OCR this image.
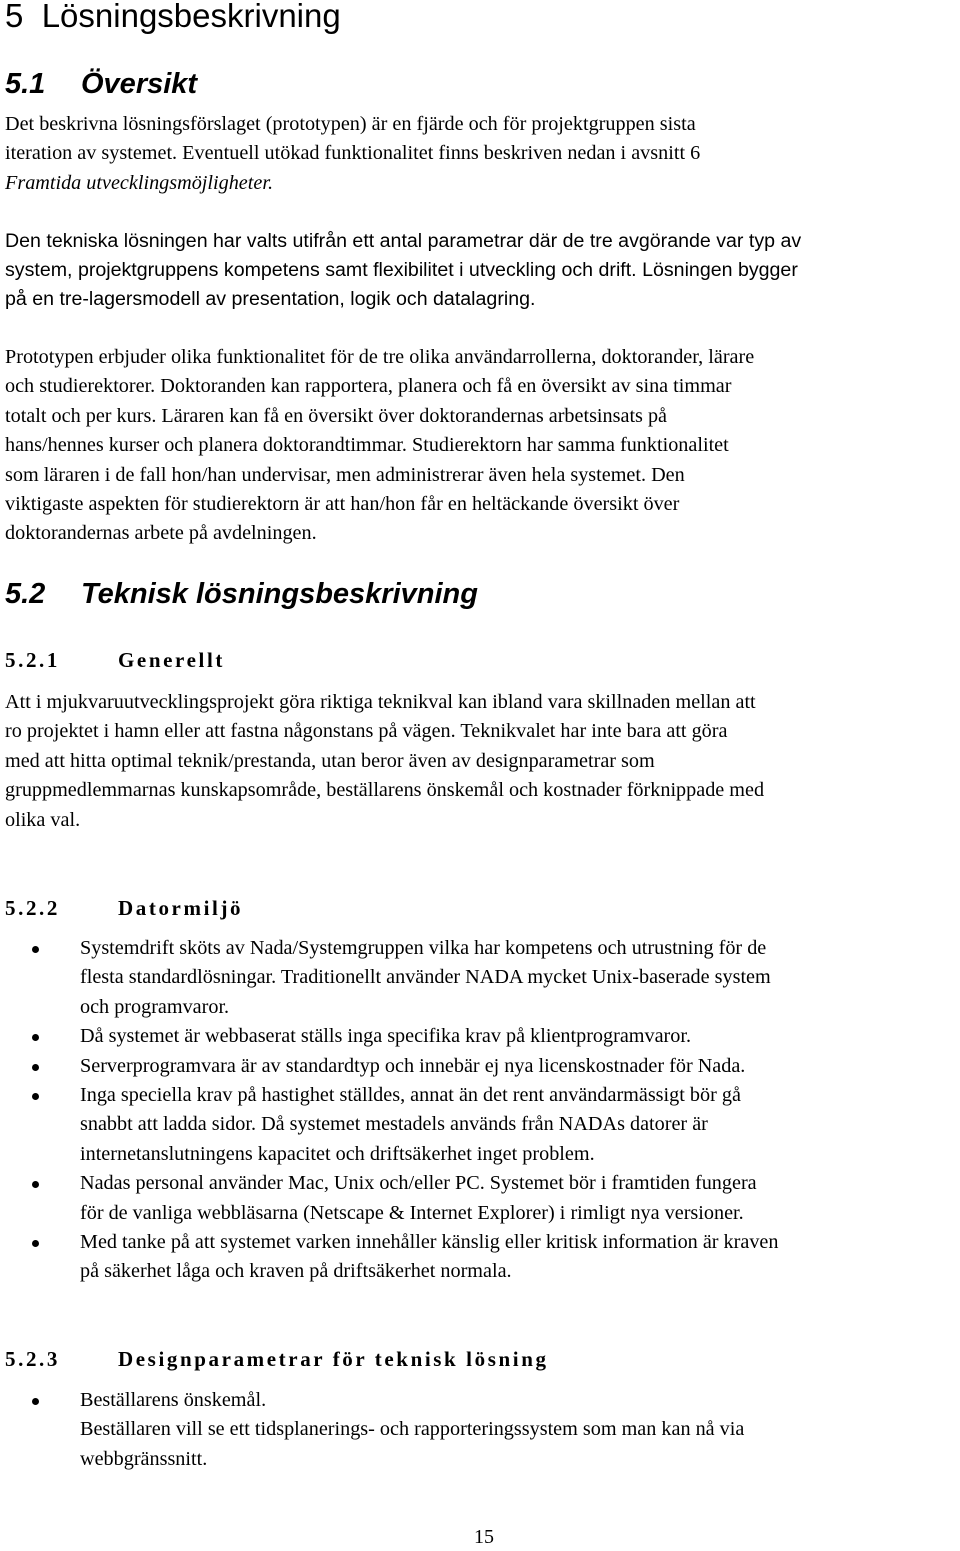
5 Lösningsbeskrivning
5.1 Översikt
Det beskrivna lösningsförslaget (prototypen) är en fjärde och för projektgruppen sista
iteration av systemet. Eventuell utökad funktionalitet finns beskriven nedan i avsnitt 6
Framtida utvecklingsmöjligheter.
Den tekniska lösningen har valts utifrån ett antal parametrar där de tre avgörande var typ av
system, projektgruppens kompetens samt flexibilitet i utveckling och drift. Lösningen bygger
på en tre-lagersmodell av presentation, logik och datalagring.
Prototypen erbjuder olika funktionalitet för de tre olika användarrollerna, doktorander, lärare
och studierektorer. Doktoranden kan rapportera, planera och få en översikt av sina timmar
totalt och per kurs. Läraren kan få en översikt över doktorandernas arbetsinsats på
hans/hennes kurser och planera doktorandtimmar. Studierektorn har samma funktionalitet
som läraren i de fall hon/han undervisar, men administrerar även hela systemet. Den
viktigaste aspekten för studierektorn är att han/hon får en heltäckande översikt över
doktorandernas arbete på avdelningen.
5.2 Teknisk lösningsbeskrivning
5.2.1	Generellt
Att i mjukvaruutvecklingsprojekt göra riktiga teknikval kan ibland vara skillnaden mellan att
ro projektet i hamn eller att fastna någonstans på vägen. Teknikvalet har inte bara att göra
med att hitta optimal teknik/prestanda, utan beror även av designparametrar som
gruppmedlemmarnas kunskapsområde, beställarens önskemål och kostnader förknippade med
olika val.
5.2.2	Datormiljö
Systemdrift sköts av Nada/Systemgruppen vilka har kompetens och utrustning för de
flesta standardlösningar. Traditionellt använder NADA mycket Unix-baserade system
och programvaror.
Då systemet är webbaserat ställs inga specifika krav på klientprogramvaror.
Serverprogramvara är av standardtyp och innebär ej nya licenskostnader för Nada.
Inga speciella krav på hastighet ställdes, annat än det rent användarmässigt bör gå
snabbt att ladda sidor. Då systemet mestadels används från NADAs datorer är
internetanslutningens kapacitet och driftsäkerhet inget problem.
Nadas personal använder Mac, Unix och/eller PC. Systemet bör i framtiden fungera
för de vanliga webbläsarna (Netscape & Internet Explorer) i rimligt nya versioner.
Med tanke på att systemet varken innehåller känslig eller kritisk information är kraven
på säkerhet låga och kraven på driftsäkerhet normala.
5.2.3	Designparametrar för teknisk lösning
Beställarens önskemål.
Beställaren vill se ett tidsplanerings- och rapporteringssystem som man kan nå via
webbgränssnitt.
15
